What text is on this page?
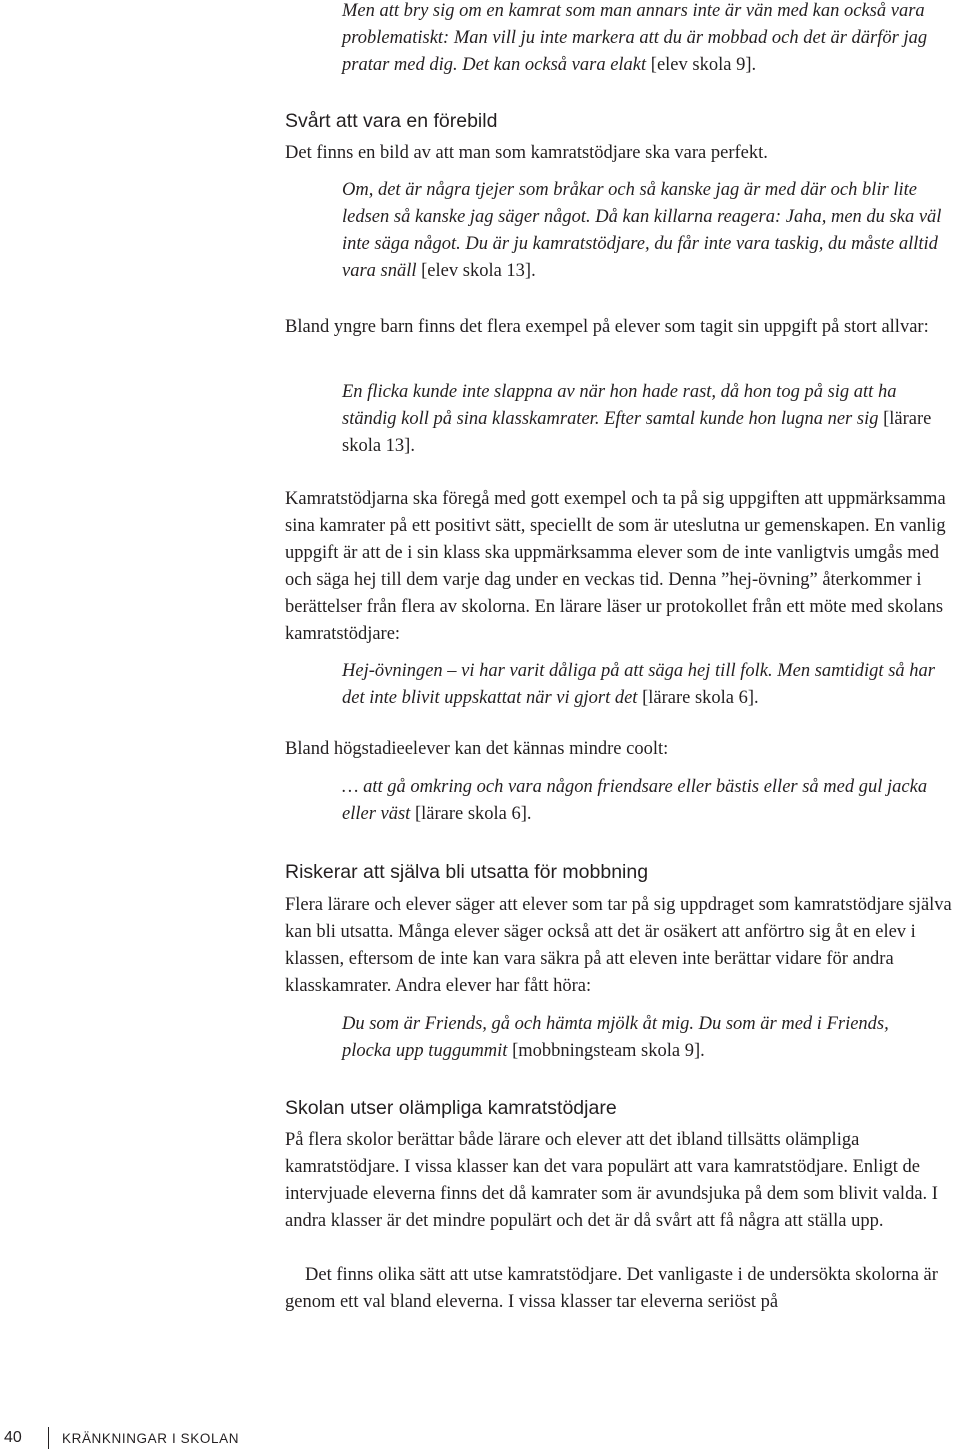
Men att bry sig om en kamrat som man annars inte är vän med kan också vara problematiskt: Man vill ju inte markera att du är mobbad och det är därför jag pratar med dig. Det kan också vara elakt [elev skola 9].

Svårt att vara en förebild

Det finns en bild av att man som kamratstödjare ska vara perfekt.

Om, det är några tjejer som bråkar och så kanske jag är med där och blir lite ledsen så kanske jag säger något. Då kan killarna reagera: Jaha, men du ska väl inte säga något. Du är ju kamratstödjare, du får inte vara taskig, du måste alltid vara snäll [elev skola 13].

Bland yngre barn finns det flera exempel på elever som tagit sin uppgift på stort allvar:

En flicka kunde inte slappna av när hon hade rast, då hon tog på sig att ha ständig koll på sina klasskamrater. Efter samtal kunde hon lugna ner sig [lärare skola 13].

Kamratstödjarna ska föregå med gott exempel och ta på sig uppgiften att uppmärksamma sina kamrater på ett positivt sätt, speciellt de som är uteslutna ur gemenskapen. En vanlig uppgift är att de i sin klass ska uppmärksamma elever som de inte vanligtvis umgås med och säga hej till dem varje dag under en veckas tid. Denna ”hej-övning” återkommer i berättelser från flera av skolorna. En lärare läser ur protokollet från ett möte med skolans kamratstödjare:

Hej-övningen – vi har varit dåliga på att säga hej till folk. Men samtidigt så har det inte blivit uppskattat när vi gjort det [lärare skola 6].

Bland högstadieelever kan det kännas mindre coolt:

… att gå omkring och vara någon friendsare eller bästis eller så med gul jacka eller väst [lärare skola 6].

Riskerar att själva bli utsatta för mobbning

Flera lärare och elever säger att elever som tar på sig uppdraget som kamratstödjare själva kan bli utsatta. Många elever säger också att det är osäkert att anförtro sig åt en elev i klassen, eftersom de inte kan vara säkra på att eleven inte berättar vidare för andra klasskamrater. Andra elever har fått höra:

Du som är Friends, gå och hämta mjölk åt mig. Du som är med i Friends, plocka upp tuggummit [mobbningsteam skola 9].

Skolan utser olämpliga kamratstödjare

På flera skolor berättar både lärare och elever att det ibland tillsätts olämpliga kamratstödjare. I vissa klasser kan det vara populärt att vara kamratstödjare. Enligt de intervjuade eleverna finns det då kamrater som är avundsjuka på dem som blivit valda. I andra klasser är det mindre populärt och det är då svårt att få några att ställa upp.

Det finns olika sätt att utse kamratstödjare. Det vanligaste i de undersökta skolorna är genom ett val bland eleverna. I vissa klasser tar eleverna seriöst på

40	KRÄNKNINGAR I SKOLAN
